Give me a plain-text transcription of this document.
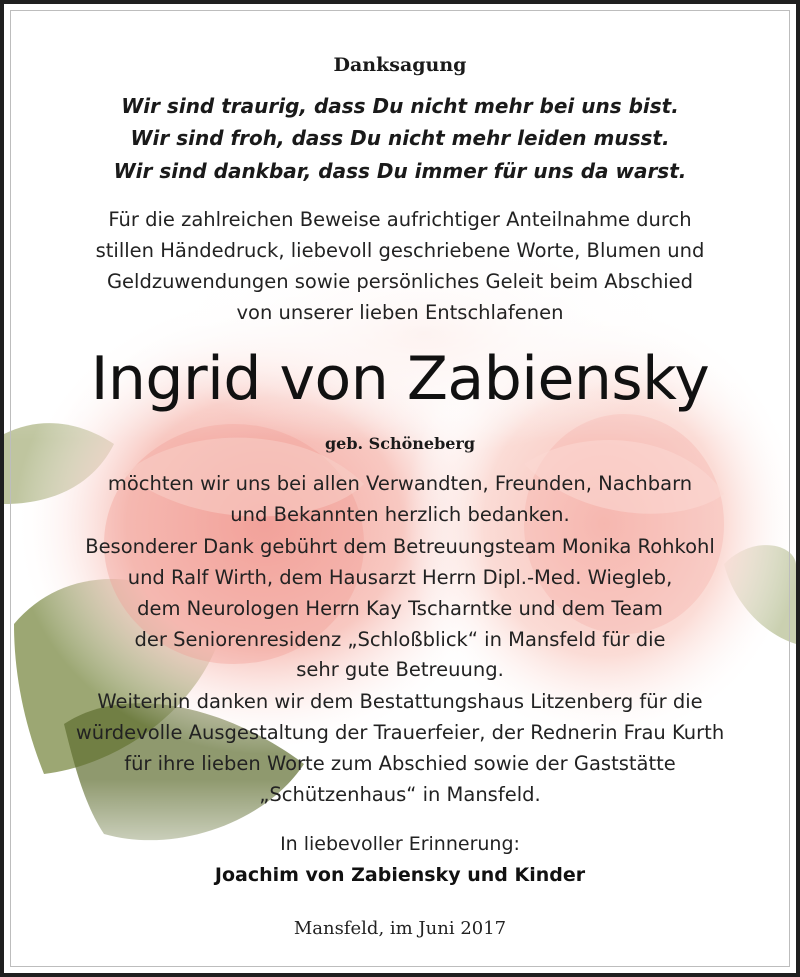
Danksagung
Wir sind traurig, dass Du nicht mehr bei uns bist.
Wir sind froh, dass Du nicht mehr leiden musst.
Wir sind dankbar, dass Du immer für uns da warst.
Für die zahlreichen Beweise aufrichtiger Anteilnahme durch
stillen Händedruck, liebevoll geschriebene Worte, Blumen und
Geldzuwendungen sowie persönliches Geleit beim Abschied
von unserer lieben Entschlafenen
Ingrid von Zabiensky
geb. Schöneberg
möchten wir uns bei allen Verwandten, Freunden, Nachbarn
und Bekannten herzlich bedanken.
Besonderer Dank gebührt dem Betreuungsteam Monika Rohkohl
und Ralf Wirth, dem Hausarzt Herrn Dipl.-Med. Wiegleb,
dem Neurologen Herrn Kay Tscharntke und dem Team
der Seniorenresidenz „Schloßblick“ in Mansfeld für die
sehr gute Betreuung.
Weiterhin danken wir dem Bestattungshaus Litzenberg für die
würdevolle Ausgestaltung der Trauerfeier, der Rednerin Frau Kurth
für ihre lieben Worte zum Abschied sowie der Gaststätte
„Schützenhaus“ in Mansfeld.
In liebevoller Erinnerung:
Joachim von Zabiensky und Kinder
Mansfeld, im Juni 2017
